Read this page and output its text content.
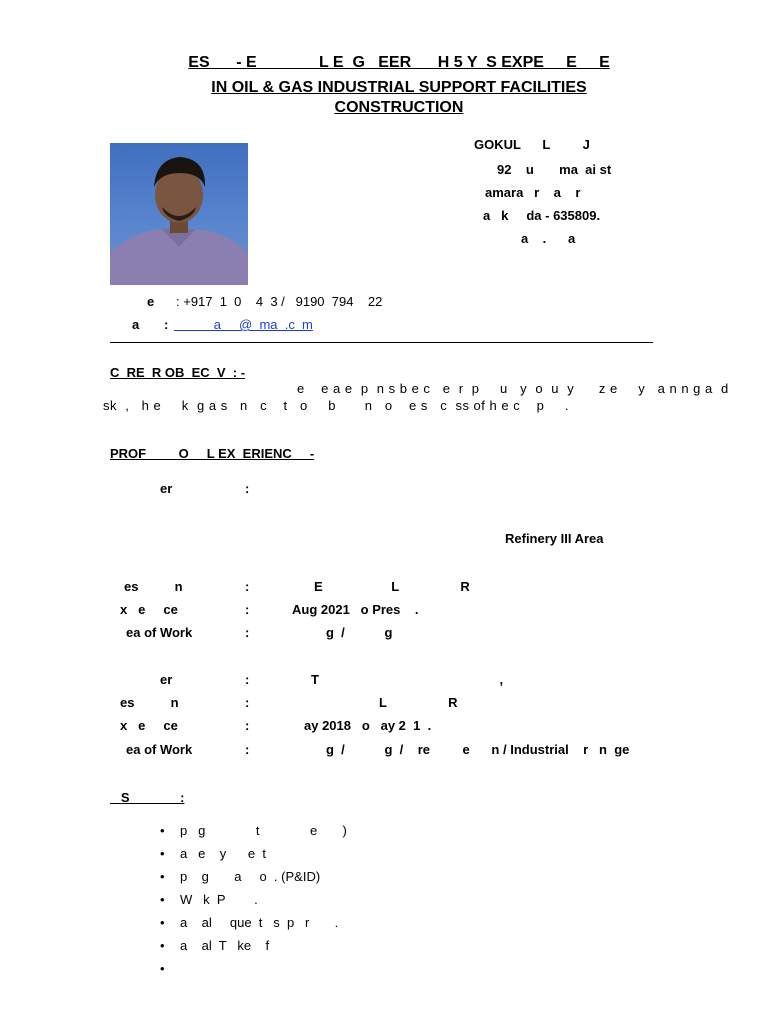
ES      - E              L E  G   EER      H 5 Y  S EXPE     E     E
IN OIL & GAS INDUSTRIAL SUPPORT FACILITIES
CONSTRUCTION
GOKUL      L         J
92    u       ma  ai st
amara   r    a    r
a   k     da - 635809.
a    .      a
e : +917  1  0    4  3 /   9190  794    22
a : a     @  ma  .c  m
C  RE  R OB  EC  V  : -
e    e a e  p  n s b e c   e  r  p     u   y  o  u  y      z e     y   a n n g a  d
sk  ,   h e     k  g a s   n   c    t   o     b       n   o    e s   c  ss of h e c    p     .
PROF         O     L EX  ERIENC     -
er	:
Refinery III Area
es          n	:	E                   L                 R
x   e     ce	:	Aug 2021   o Pres    .
ea of Work	:	g  /           g
er	:	T                                                  ,
es          n	:	L                 R
x   e     ce	:	ay 2018   o   ay 2  1  .
ea of Work	:	g  /           g  /    re         e      n / Industrial    r   n  ge
S              :
• p   g              t              e       )
• a   e    y      e  t
• p    g       a     o  . (P&ID)
• W   k  P        .
• a    al     que  t   s  p   r       .
• a    al  T   ke    f
•
